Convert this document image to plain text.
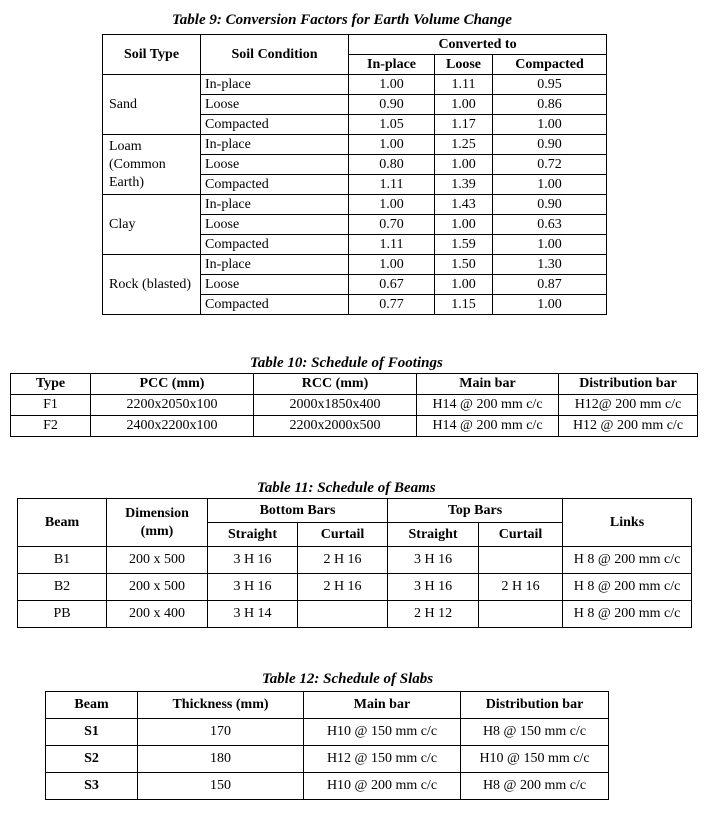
Table 9: Conversion Factors for Earth Volume Change
Soil Type	Soil Condition	Converted to		
		In-place	Loose	Compacted
Sand	In-place	1.00	1.11	0.95
	Loose	0.90	1.00	0.86
	Compacted	1.05	1.17	1.00
Loam (Common Earth)	In-place	1.00	1.25	0.90
	Loose	0.80	1.00	0.72
	Compacted	1.11	1.39	1.00
Clay	In-place	1.00	1.43	0.90
	Loose	0.70	1.00	0.63
	Compacted	1.11	1.59	1.00
Rock (blasted)	In-place	1.00	1.50	1.30
	Loose	0.67	1.00	0.87
	Compacted	0.77	1.15	1.00
Table 10: Schedule of Footings
Type	PCC (mm)	RCC (mm)	Main bar	Distribution bar
F1	2200x2050x100	2000x1850x400	H14 @ 200 mm c/c	H12@ 200 mm c/c
F2	2400x2200x100	2200x2000x500	H14 @ 200 mm c/c	H12 @ 200 mm c/c
Table 11: Schedule of Beams
Beam	Dimension (mm)	Bottom Bars		Top Bars		Links
		Straight	Curtail	Straight	Curtail	
B1	200 x 500	3 H 16	2 H 16	3 H 16		H 8 @ 200 mm c/c
B2	200 x 500	3 H 16	2 H 16	3 H 16	2 H 16	H 8 @ 200 mm c/c
PB	200 x 400	3 H 14		2 H 12		H 8 @ 200 mm c/c
Table 12: Schedule of Slabs
Beam	Thickness (mm)	Main bar	Distribution bar
S1	170	H10 @ 150 mm c/c	H8 @ 150 mm c/c
S2	180	H12 @ 150 mm c/c	H10 @ 150 mm c/c
S3	150	H10 @ 200 mm c/c	H8 @ 200 mm c/c
